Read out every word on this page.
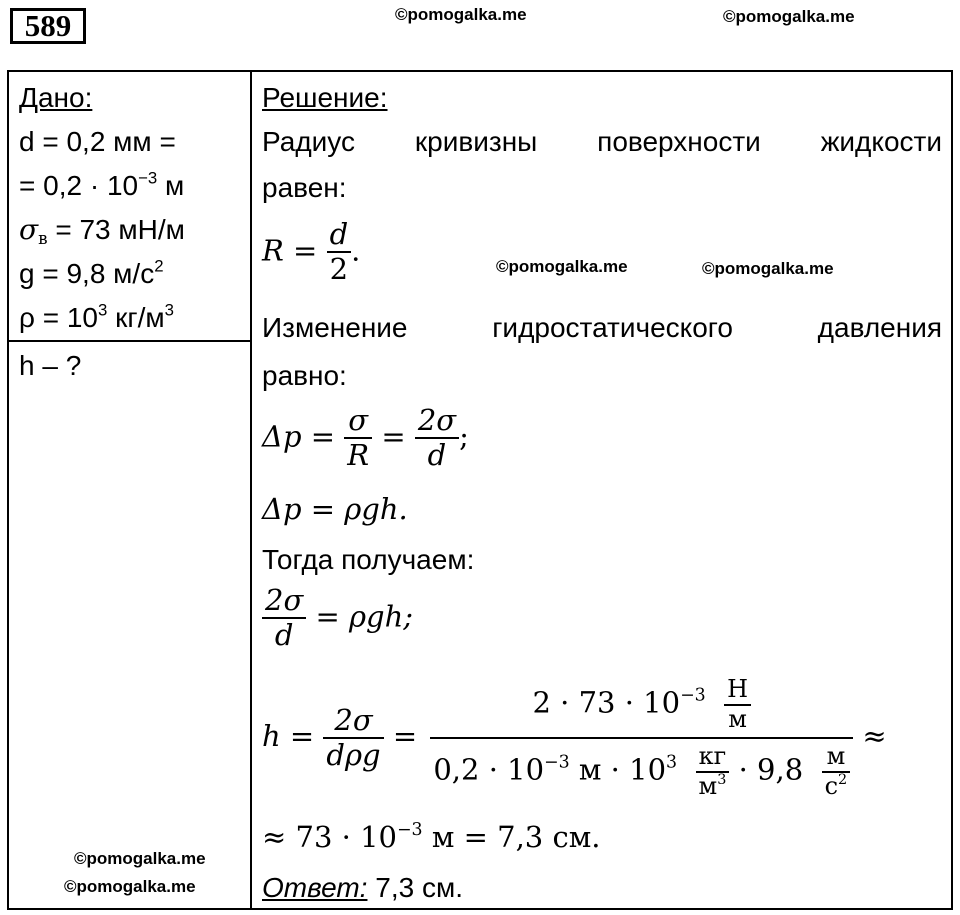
©pomogalka.me	©pomogalka.me
©pomogalka.me	©pomogalka.me
©pomogalka.me
©pomogalka.me
589
Дано:
d = 0,2 мм =
= $0,2 \cdot 10^{-3}$ м
$\sigma_в = 73$ мН/м
g = 9,8 $м/с^2$
$\rho = 10^3$ $кг/м^3$
h – ?
Решение:
Радиус кривизны поверхности жидкости
равен:
$R = \frac{d}{2}$ .
Изменение	гидростатического	давления
равно:
$\Delta p = \frac{\sigma}{R} = \frac{2\sigma}{d}$ ;
Δp = ρgh.
Тогда получаем:
$\frac{2\sigma}{d} = \rho gh$;
$h = \frac{2\sigma}{\text{dρg}} = \frac{2 \cdot 73 \cdot 10^{-3} \frac{Н}{м}}{0,2 \cdot 10^{-3} м \cdot 10^3 \frac{кг}{м^3} \cdot 9,8 \frac{м}{с^2}}$ ≈
≈ $73 \cdot 10^{-3}$ м = 7,3 см.
Ответ: 7,3 см.
